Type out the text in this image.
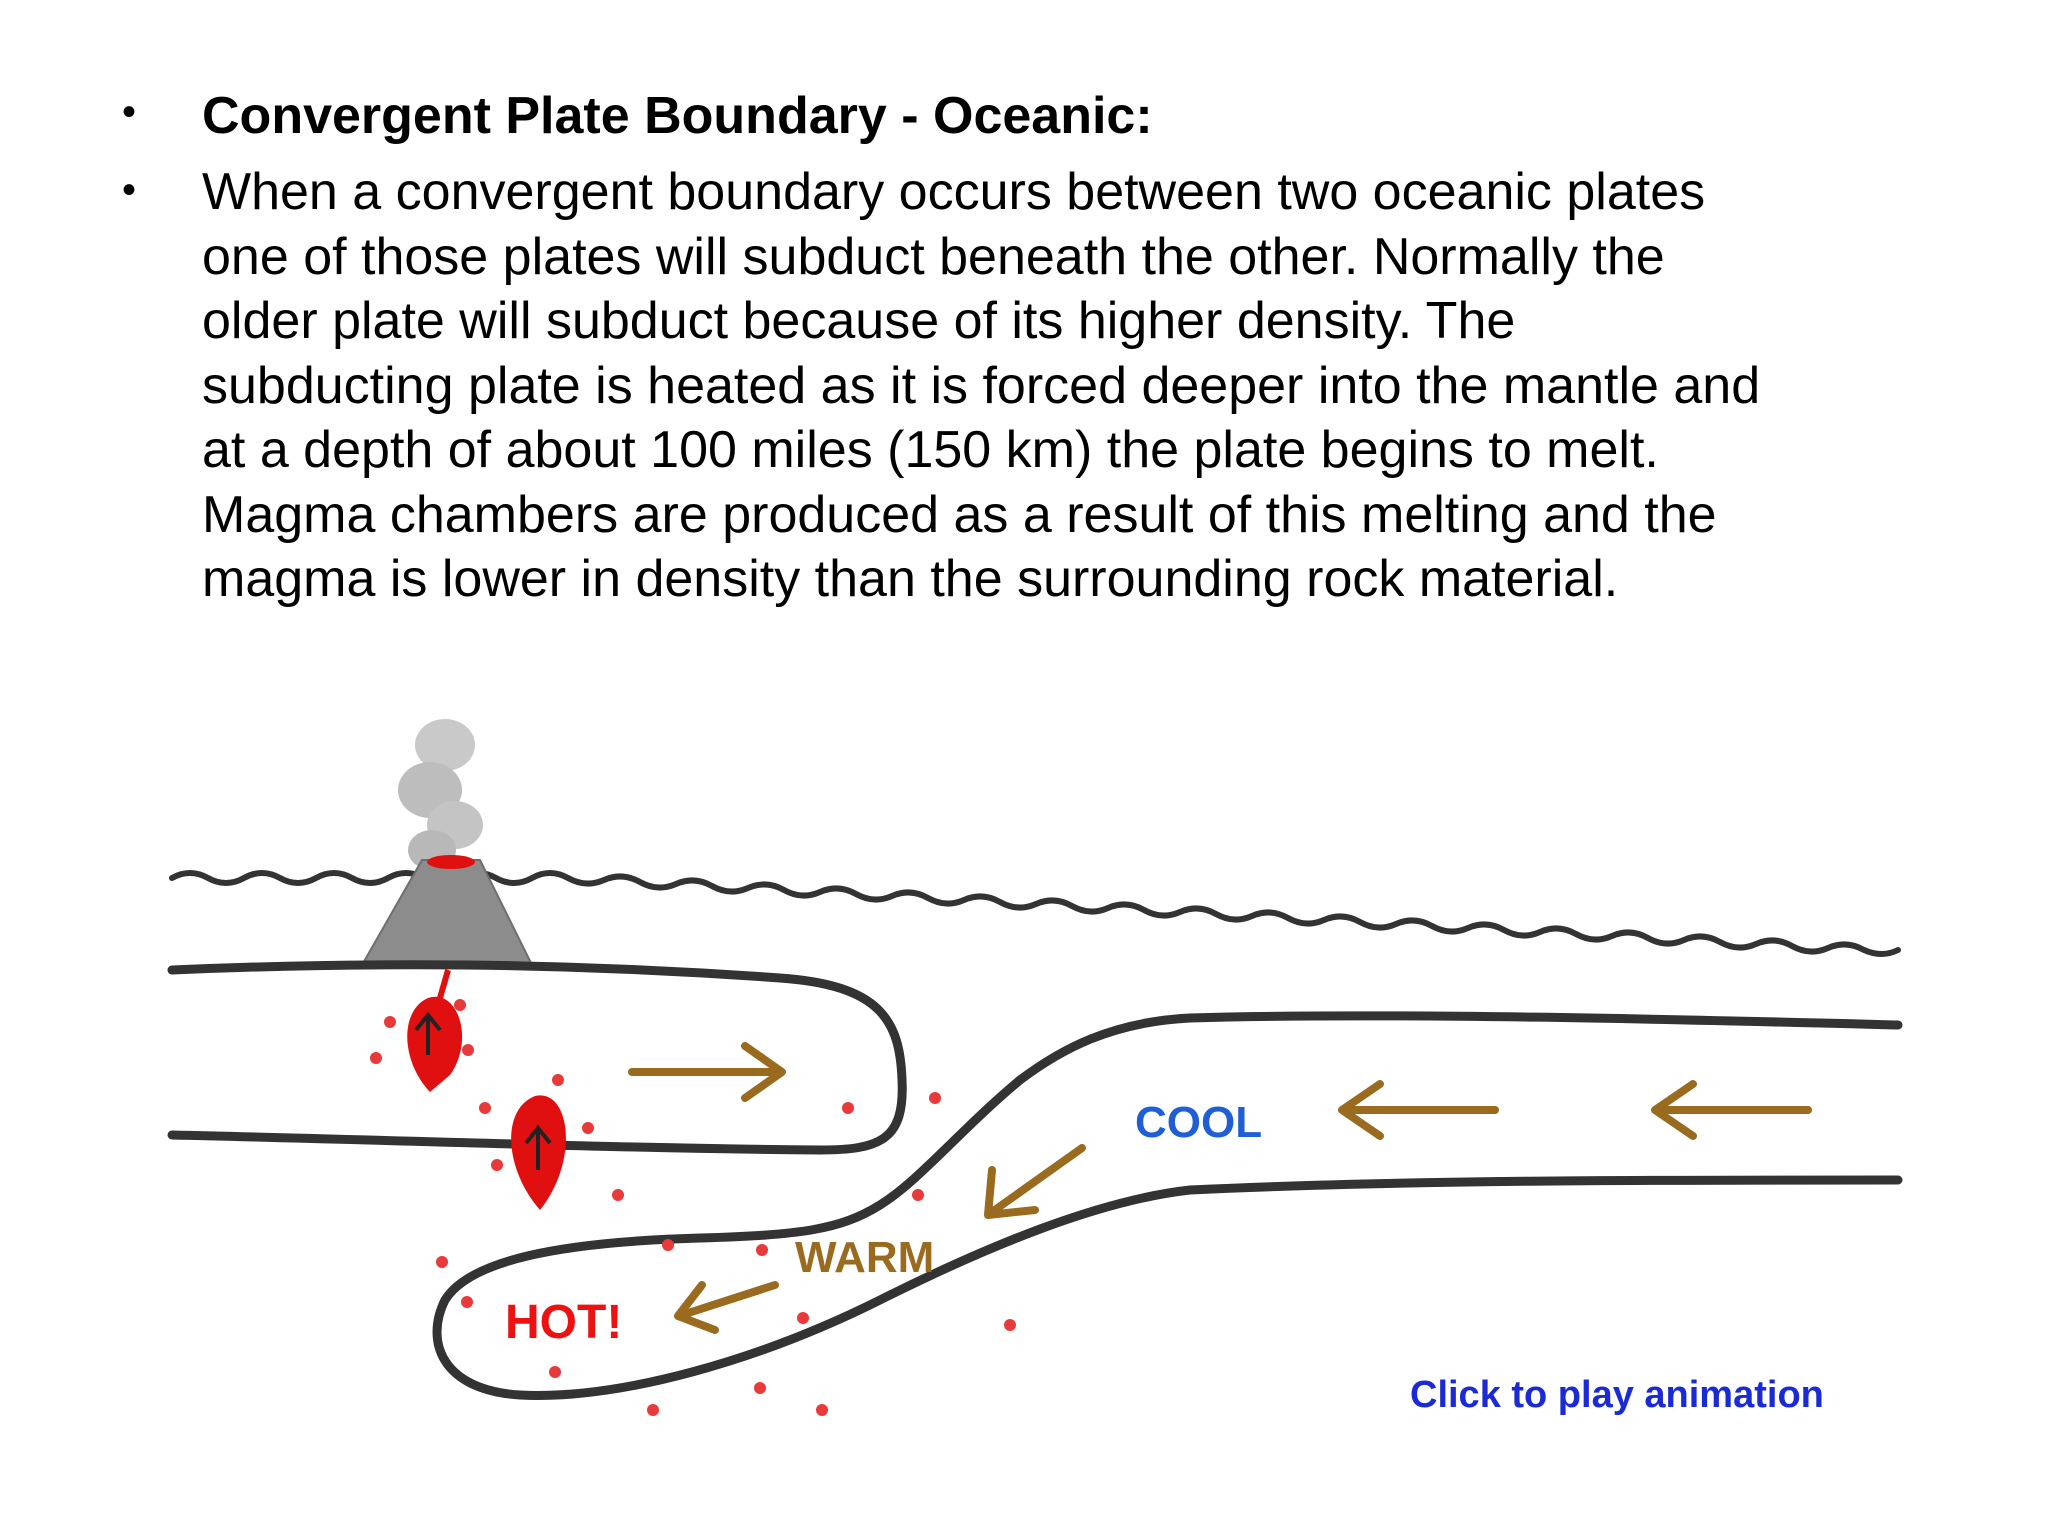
• Convergent Plate Boundary - Oceanic:
• When a convergent boundary occurs between two oceanic plates
one of those plates will subduct beneath the other. Normally the
older plate will subduct because of its higher density. The
subducting plate is heated as it is forced deeper into the mantle and
at a depth of about 100 miles (150 km) the plate begins to melt.
Magma chambers are produced as a result of this melting and the
magma is lower in density than the surrounding rock material.
COOL
WARM
HOT!
Click to play animation
